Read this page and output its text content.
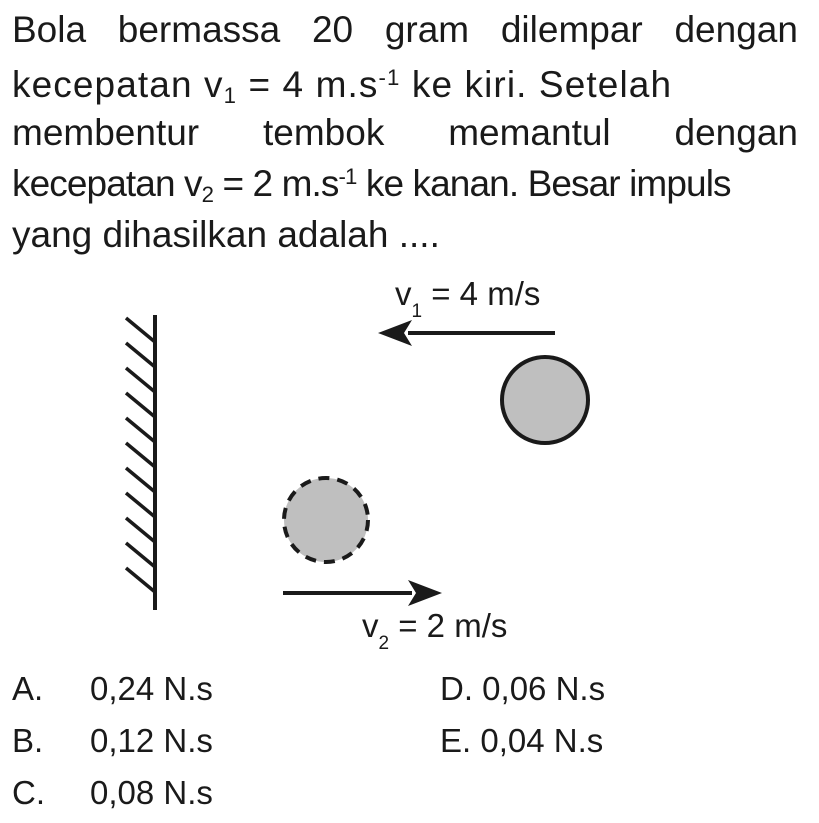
Bola bermassa 20 gram dilempar dengan
kecepatan $v_1 = 4$ $m.s^{-1}$ ke kiri. Setelah
membentur tembok memantul dengan
kecepatan $v_2 = 2$ $m.s^{-1}$ ke kanan. Besar impuls
yang dihasilkan adalah ....
$v_1 = 4$ m/s
$v_2 = 2$ m/s
A. 0,24 N.s
B. 0,12 N.s
C. 0,08 N.s
D. 0,06 N.s
E. 0,04 N.s
